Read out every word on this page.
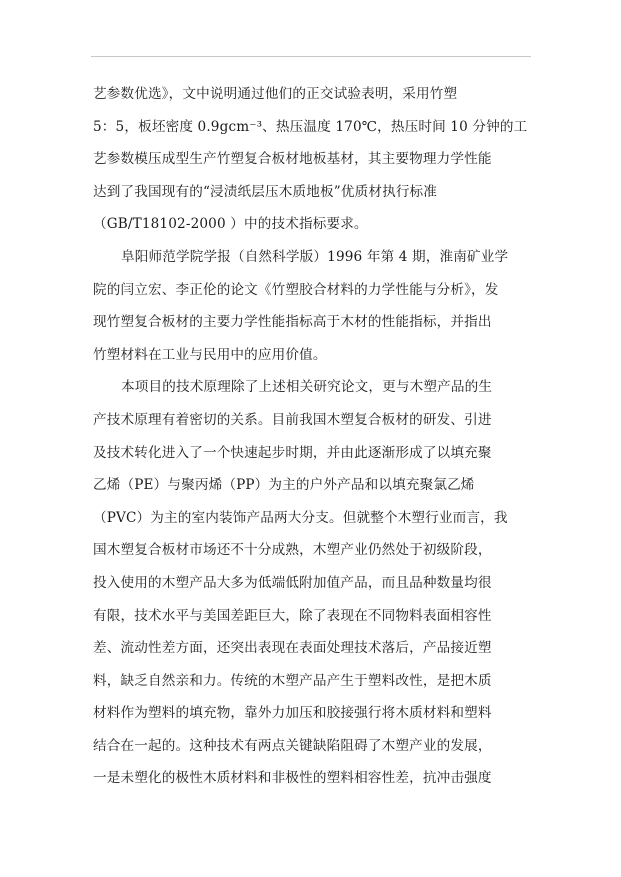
艺参数优选》，文中说明通过他们的正交试验表明，采用竹塑
5：5，板坯密度 0.9gcm⁻³、热压温度 170℃，热压时间 10 分钟的工
艺参数模压成型生产竹塑复合板材地板基材，其主要物理力学性能
达到了我国现有的“浸渍纸层压木质地板”优质材执行标准
（GB/T18102-2000 ）中的技术指标要求。
阜阳师范学院学报（自然科学版）1996 年第 4 期，淮南矿业学
院的闫立宏、李正伦的论文《竹塑胶合材料的力学性能与分析》，发
现竹塑复合板材的主要力学性能指标高于木材的性能指标，并指出
竹塑材料在工业与民用中的应用价值。
本项目的技术原理除了上述相关研究论文，更与木塑产品的生
产技术原理有着密切的关系。目前我国木塑复合板材的研发、引进
及技术转化进入了一个快速起步时期，并由此逐渐形成了以填充聚
乙烯（PE）与聚丙烯（PP）为主的户外产品和以填充聚氯乙烯
（PVC）为主的室内装饰产品两大分支。但就整个木塑行业而言，我
国木塑复合板材市场还不十分成熟，木塑产业仍然处于初级阶段，
投入使用的木塑产品大多为低端低附加值产品，而且品种数量均很
有限，技术水平与美国差距巨大，除了表现在不同物料表面相容性
差、流动性差方面，还突出表现在表面处理技术落后，产品接近塑
料，缺乏自然亲和力。传统的木塑产品产生于塑料改性，是把木质
材料作为塑料的填充物，靠外力加压和胶接强行将木质材料和塑料
结合在一起的。这种技术有两点关键缺陷阻碍了木塑产业的发展，
一是未塑化的极性木质材料和非极性的塑料相容性差，抗冲击强度
